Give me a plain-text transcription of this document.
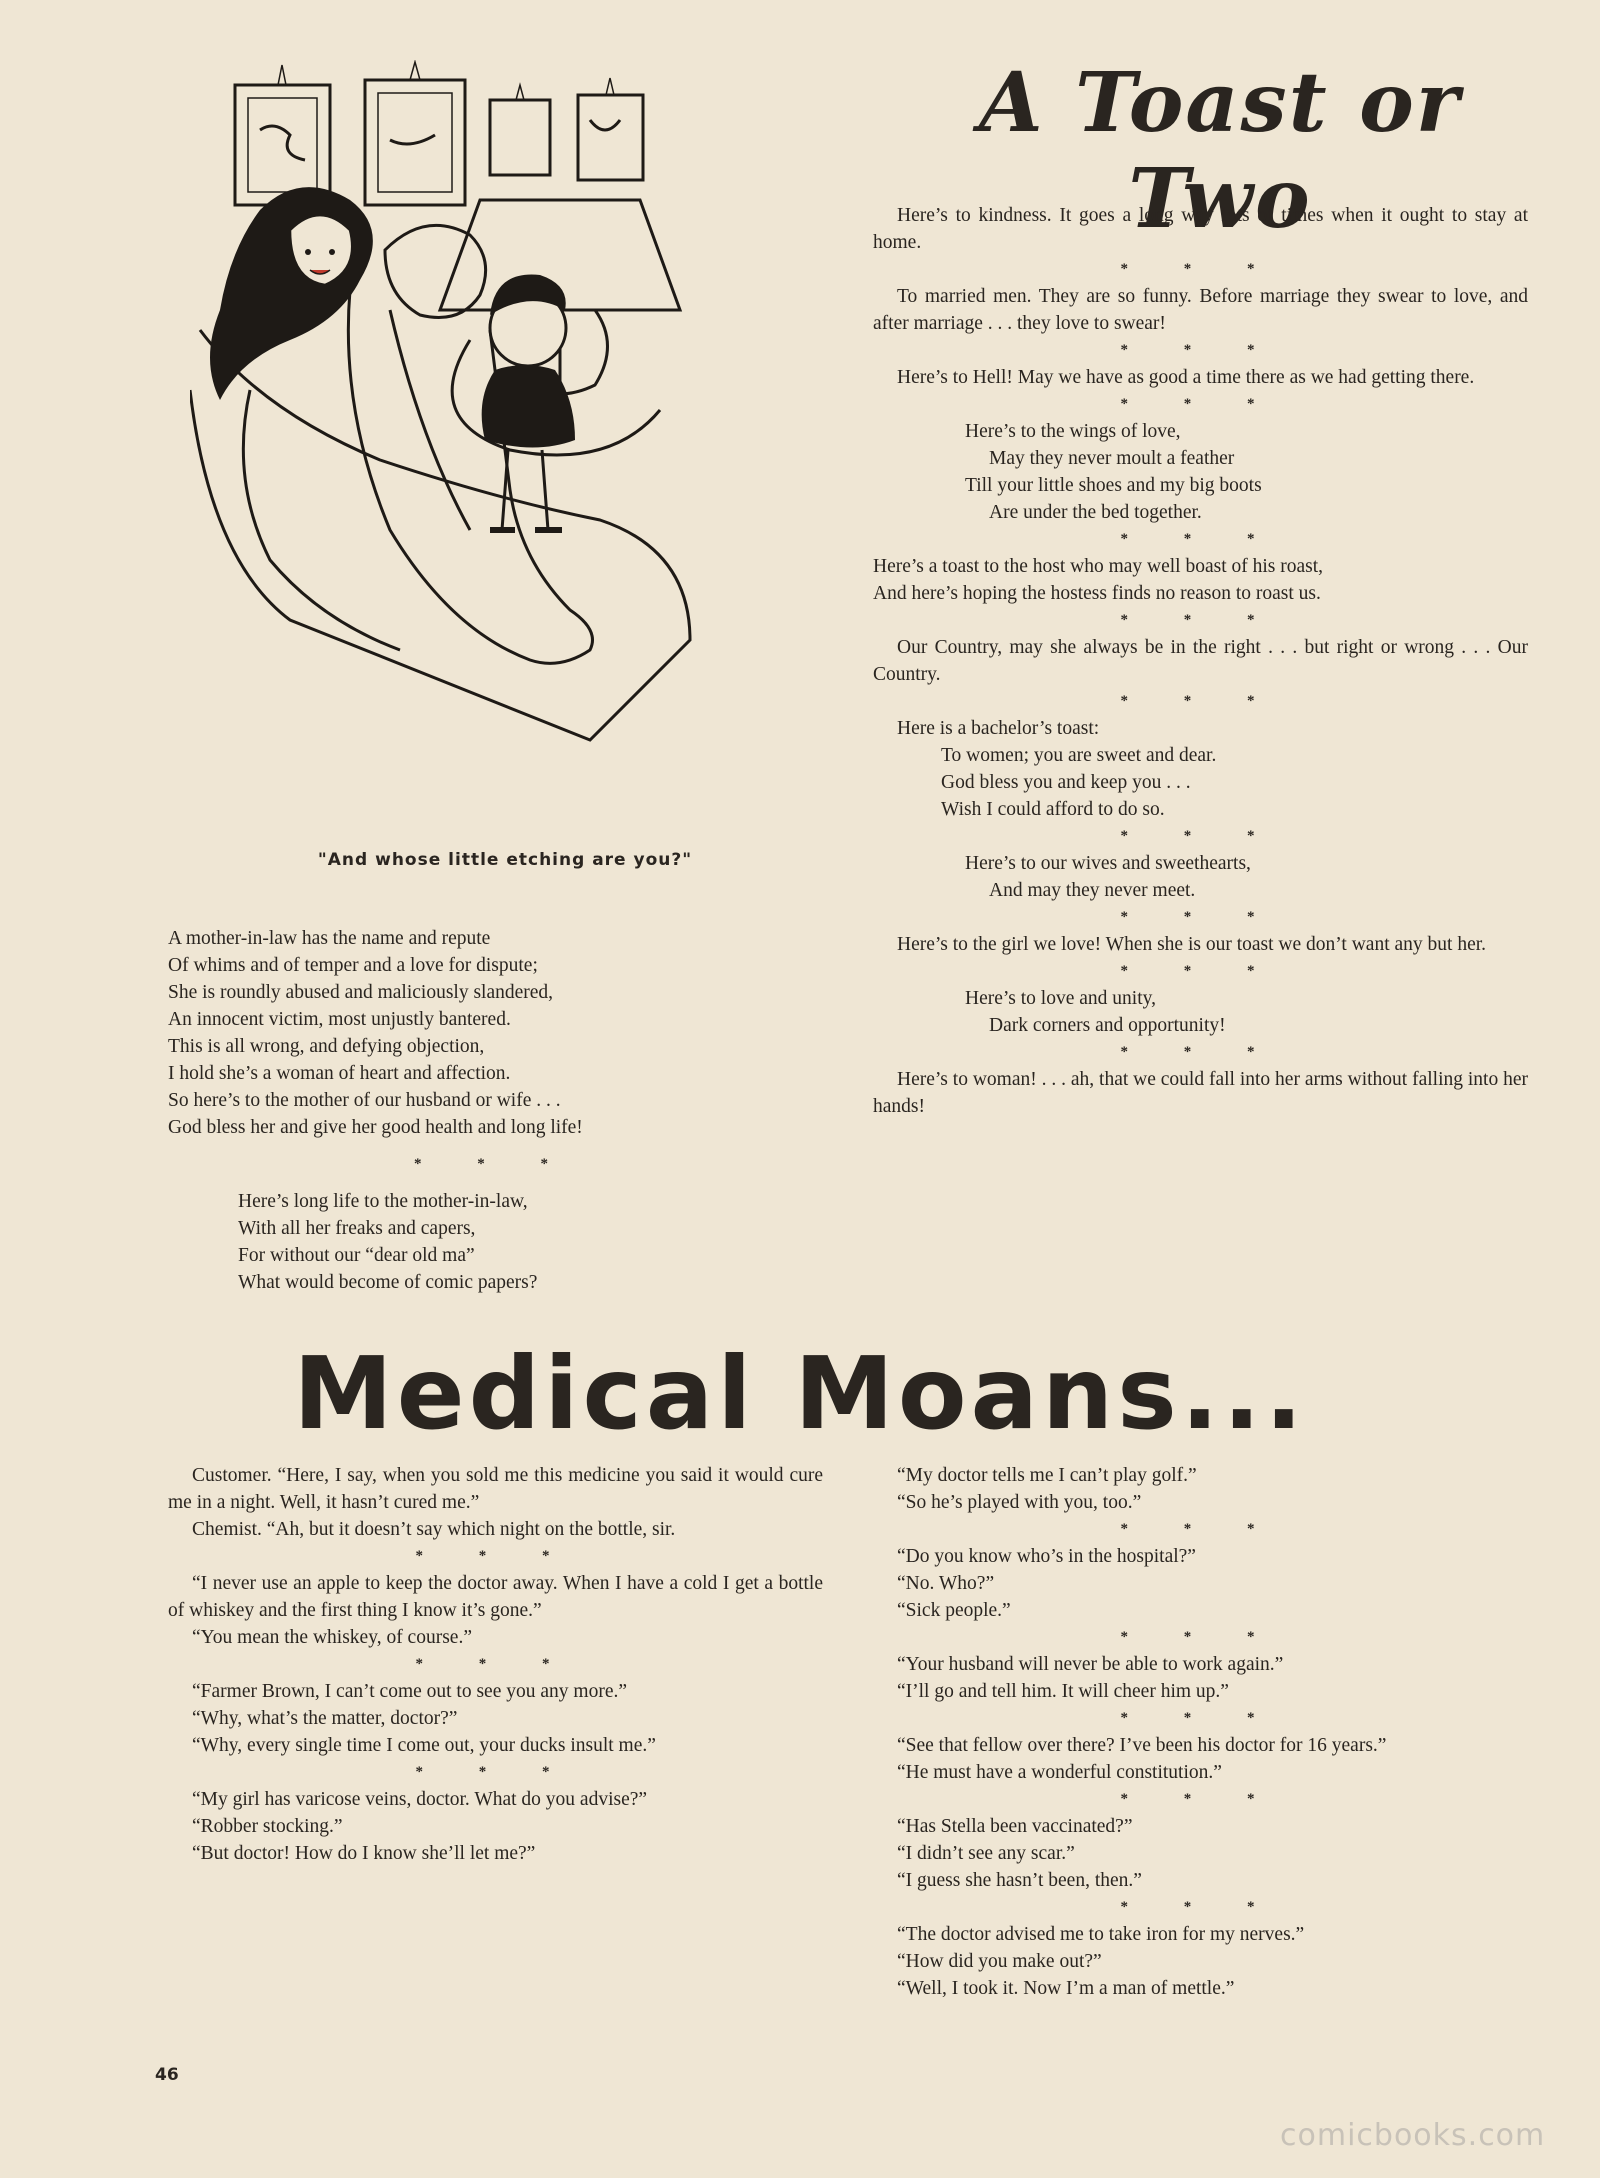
"And whose little etching are you?"
A mother-in-law has the name and repute
Of whims and of temper and a love for dispute;
She is roundly abused and maliciously slandered,
An innocent victim, most unjustly bantered.
This is all wrong, and defying objection,
I hold she’s a woman of heart and affection.
So here’s to the mother of our husband or wife . . .
God bless her and give her good health and long life!
* * *
Here’s long life to the mother-in-law,
With all her freaks and capers,
For without our “dear old ma”
What would become of comic papers?
A Toast or Two

Here’s to kindness. It goes a long way lots of times when it ought to stay at home.

* * *

To married men. They are so funny. Before marriage they swear to love, and after marriage . . . they love to swear!

* * *

Here’s to Hell! May we have as good a time there as we had getting there.

* * *
Here’s to the wings of love,
May they never moult a feather
Till your little shoes and my big boots
Are under the bed together.
* * *
Here’s a toast to the host who may well boast of his roast,
And here’s hoping the hostess finds no reason to roast us.
* * *

Our Country, may she always be in the right . . . but right or wrong . . . Our Country.

* * *
Here is a bachelor’s toast:
To women; you are sweet and dear.
God bless you and keep you . . .
Wish I could afford to do so.
* * *
Here’s to our wives and sweethearts,
And may they never meet.
* * *

Here’s to the girl we love! When she is our toast we don’t want any but her.

* * *
Here’s to love and unity,
Dark corners and opportunity!
* * *

Here’s to woman! . . . ah, that we could fall into her arms without falling into her hands!

Medical Moans...

Customer. “Here, I say, when you sold me this medicine you said it would cure me in a night. Well, it hasn’t cured me.”

Chemist. “Ah, but it doesn’t say which night on the bottle, sir.

* * *

“I never use an apple to keep the doctor away. When I have a cold I get a bottle of whiskey and the first thing I know it’s gone.”

“You mean the whiskey, of course.”

* * *

“Farmer Brown, I can’t come out to see you any more.”

“Why, what’s the matter, doctor?”

“Why, every single time I come out, your ducks insult me.”

* * *

“My girl has varicose veins, doctor. What do you advise?”

“Robber stocking.”

“But doctor! How do I know she’ll let me?”

“My doctor tells me I can’t play golf.”

“So he’s played with you, too.”

* * *

“Do you know who’s in the hospital?”

“No. Who?”

“Sick people.”

* * *

“Your husband will never be able to work again.”

“I’ll go and tell him. It will cheer him up.”

* * *

“See that fellow over there? I’ve been his doctor for 16 years.”

“He must have a wonderful constitution.”

* * *

“Has Stella been vaccinated?”

“I didn’t see any scar.”

“I guess she hasn’t been, then.”

* * *

“The doctor advised me to take iron for my nerves.”

“How did you make out?”

“Well, I took it. Now I’m a man of mettle.”

46
comicbooks.com
